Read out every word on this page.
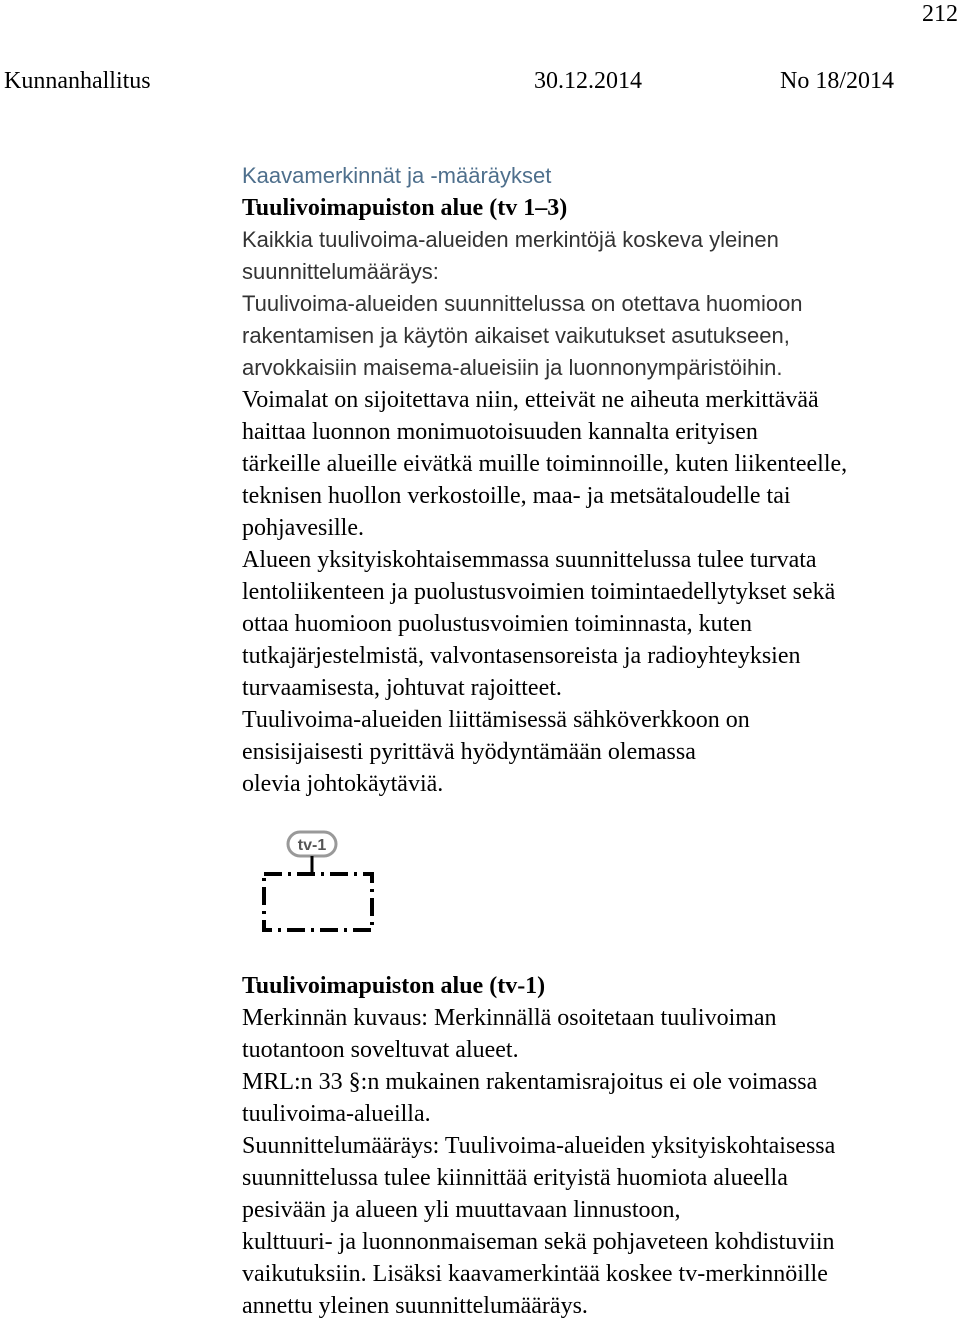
212
Kunnanhallitus	30.12.2014	No 18/2014
Kaavamerkinnät ja -määräykset
Tuulivoimapuiston alue (tv 1–3)
Kaikkia tuulivoima-alueiden merkintöjä koskeva yleinen
suunnittelumääräys:
Tuulivoima-alueiden suunnittelussa on otettava huomioon
rakentamisen ja käytön aikaiset vaikutukset asutukseen,
arvokkaisiin maisema-alueisiin ja luonnonympäristöihin.
Voimalat on sijoitettava niin, etteivät ne aiheuta merkittävää
haittaa luonnon monimuotoisuuden kannalta erityisen
tärkeille alueille eivätkä muille toiminnoille, kuten liikenteelle,
teknisen huollon verkostoille, maa- ja metsätaloudelle tai
pohjavesille.
Alueen yksityiskohtaisemmassa suunnittelussa tulee turvata
lentoliikenteen ja puolustusvoimien toimintaedellytykset sekä
ottaa huomioon puolustusvoimien toiminnasta, kuten
tutkajärjestelmistä, valvontasensoreista ja radioyhteyksien
turvaamisesta, johtuvat rajoitteet.
Tuulivoima-alueiden liittämisessä sähköverkkoon on
ensisijaisesti pyrittävä hyödyntämään olemassa
olevia johtokäytäviä.
tv-1
Tuulivoimapuiston alue (tv-1)
Merkinnän kuvaus: Merkinnällä osoitetaan tuulivoiman
tuotantoon soveltuvat alueet.
MRL:n 33 §:n mukainen rakentamisrajoitus ei ole voimassa
tuulivoima-alueilla.
Suunnittelumääräys: Tuulivoima-alueiden yksityiskohtaisessa
suunnittelussa tulee kiinnittää erityistä huomiota alueella
pesivään ja alueen yli muuttavaan linnustoon,
kulttuuri- ja luonnonmaiseman sekä pohjaveteen kohdistuviin
vaikutuksiin. Lisäksi kaavamerkintää koskee tv-merkinnöille
annettu yleinen suunnittelumääräys.
